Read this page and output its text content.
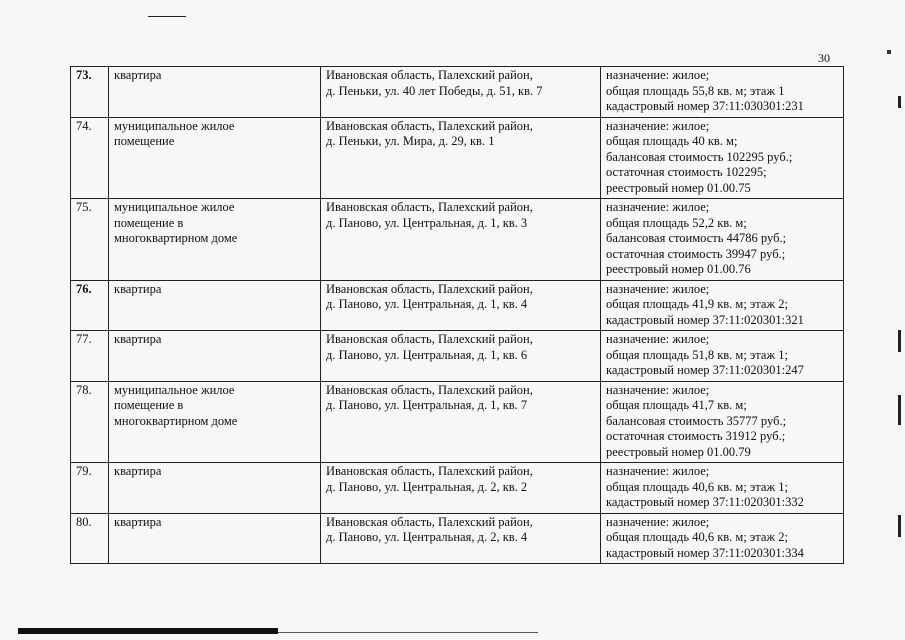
30
73.	квартира	Ивановская область, Палехский район,
д. Пеньки, ул. 40 лет Победы, д. 51, кв. 7	назначение: жилое;
общая площадь 55,8 кв. м; этаж 1
кадастровый номер 37:11:030301:231

74.	муниципальное жилое
помещение	Ивановская область, Палехский район,
д. Пеньки, ул. Мира, д. 29, кв. 1	назначение: жилое;
общая площадь 40 кв. м;
балансовая стоимость 102295 руб.;
остаточная стоимость 102295;
реестровый номер 01.00.75

75.	муниципальное жилое
помещение в
многоквартирном доме	Ивановская область, Палехский район,
д. Паново, ул. Центральная, д. 1, кв. 3	назначение: жилое;
общая площадь 52,2 кв. м;
балансовая стоимость 44786 руб.;
остаточная стоимость 39947 руб.;
реестровый номер 01.00.76

76.	квартира	Ивановская область, Палехский район,
д. Паново, ул. Центральная, д. 1, кв. 4	назначение: жилое;
общая площадь 41,9 кв. м; этаж 2;
кадастровый номер 37:11:020301:321

77.	квартира	Ивановская область, Палехский район,
д. Паново, ул. Центральная, д. 1, кв. 6	назначение: жилое;
общая площадь 51,8 кв. м; этаж 1;
кадастровый номер 37:11:020301:247

78.	муниципальное жилое
помещение в
многоквартирном доме	Ивановская область, Палехский район,
д. Паново, ул. Центральная, д. 1, кв. 7	назначение: жилое;
общая площадь 41,7 кв. м;
балансовая стоимость 35777 руб.;
остаточная стоимость 31912 руб.;
реестровый номер 01.00.79

79.	квартира	Ивановская область, Палехский район,
д. Паново, ул. Центральная, д. 2, кв. 2	назначение: жилое;
общая площадь 40,6 кв. м; этаж 1;
кадастровый номер 37:11:020301:332

80.	квартира	Ивановская область, Палехский район,
д. Паново, ул. Центральная, д. 2, кв. 4	назначение: жилое;
общая площадь 40,6 кв. м; этаж 2;
кадастровый номер 37:11:020301:334
